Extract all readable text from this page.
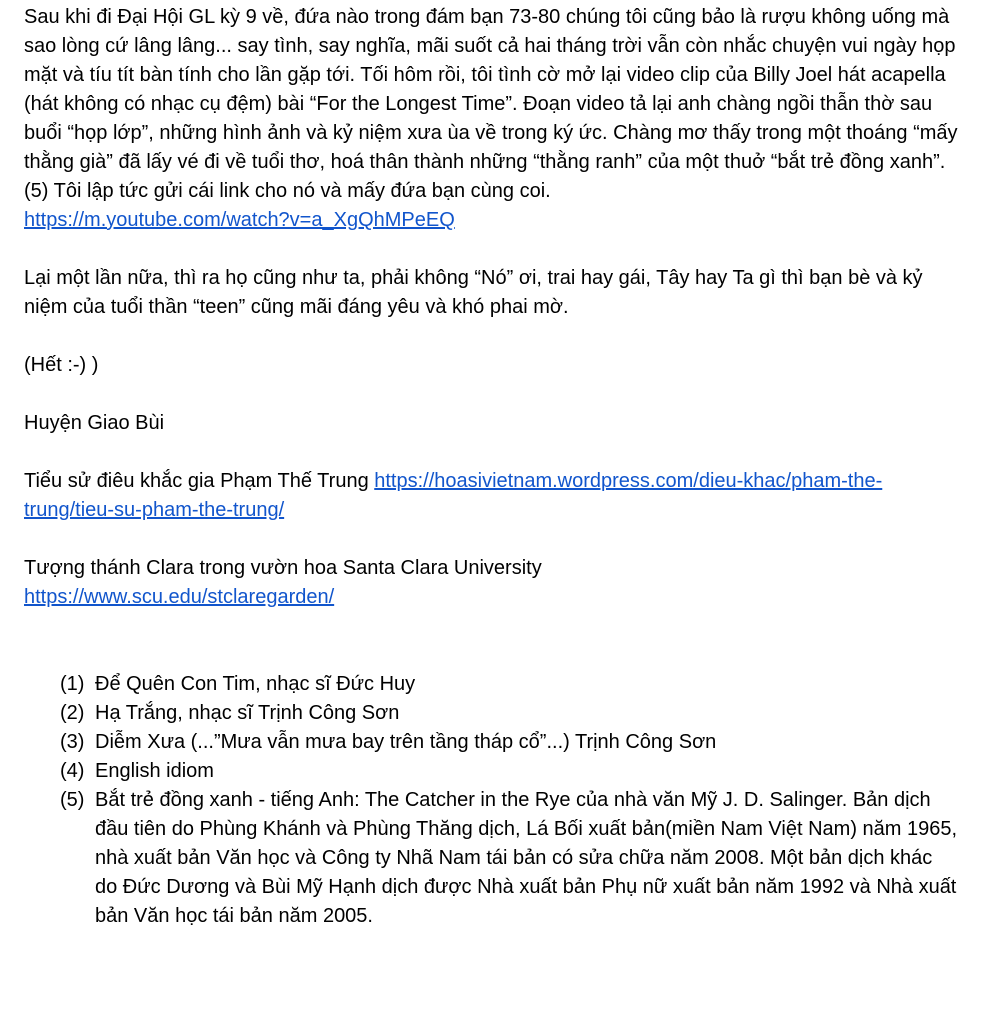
Sau khi đi Đại Hội GL kỳ 9 về, đứa nào trong đám bạn 73-80 chúng tôi cũng bảo là rượu không uống mà sao lòng cứ lâng lâng... say tình, say nghĩa, mãi suốt cả hai tháng trời vẫn còn nhắc chuyện vui ngày họp mặt và tíu tít bàn tính cho lần gặp tới. Tối hôm rồi, tôi tình cờ mở lại video clip của Billy Joel hát acapella (hát không có nhạc cụ đệm) bài “For the Longest Time”. Đoạn video tả lại anh chàng ngồi thẫn thờ sau buổi “họp lớp”, những hình ảnh và kỷ niệm xưa ùa về trong ký ức. Chàng mơ thấy trong một thoáng “mấy thằng già” đã lấy vé đi về tuổi thơ, hoá thân thành những “thằng ranh” của một thuở “bắt trẻ đồng xanh”.(5) Tôi lập tức gửi cái link cho nó và mấy đứa bạn cùng coi.

https://m.youtube.com/watch?v=a_XgQhMPeEQ

Lại một lần nữa, thì ra họ cũng như ta, phải không “Nó” ơi, trai hay gái, Tây hay Ta gì thì bạn bè và kỷ niệm của tuổi thần “teen” cũng mãi đáng yêu và khó phai mờ.

(Hết :-) )

Huyện Giao Bùi

Tiểu sử điêu khắc gia Phạm Thế Trung https://hoasivietnam.wordpress.com/dieu-khac/pham-the-trung/tieu-su-pham-the-trung/

Tượng thánh Clara trong vườn hoa Santa Clara University

https://www.scu.edu/stclaregarden/

(1) Để Quên Con Tim, nhạc sĩ Đức Huy
(2) Hạ Trắng, nhạc sĩ Trịnh Công Sơn
(3) Diễm Xưa (...”Mưa vẫn mưa bay trên tầng tháp cổ”...) Trịnh Công Sơn
(4) English idiom
(5) Bắt trẻ đồng xanh - tiếng Anh: The Catcher in the Rye của nhà văn Mỹ J. D. Salinger. Bản dịch đầu tiên do Phùng Khánh và Phùng Thăng dịch, Lá Bối xuất bản(miền Nam Việt Nam) năm 1965, nhà xuất bản Văn học và Công ty Nhã Nam tái bản có sửa chữa năm 2008. Một bản dịch khác do Đức Dương và Bùi Mỹ Hạnh dịch được Nhà xuất bản Phụ nữ xuất bản năm 1992 và Nhà xuất bản Văn học tái bản năm 2005.
